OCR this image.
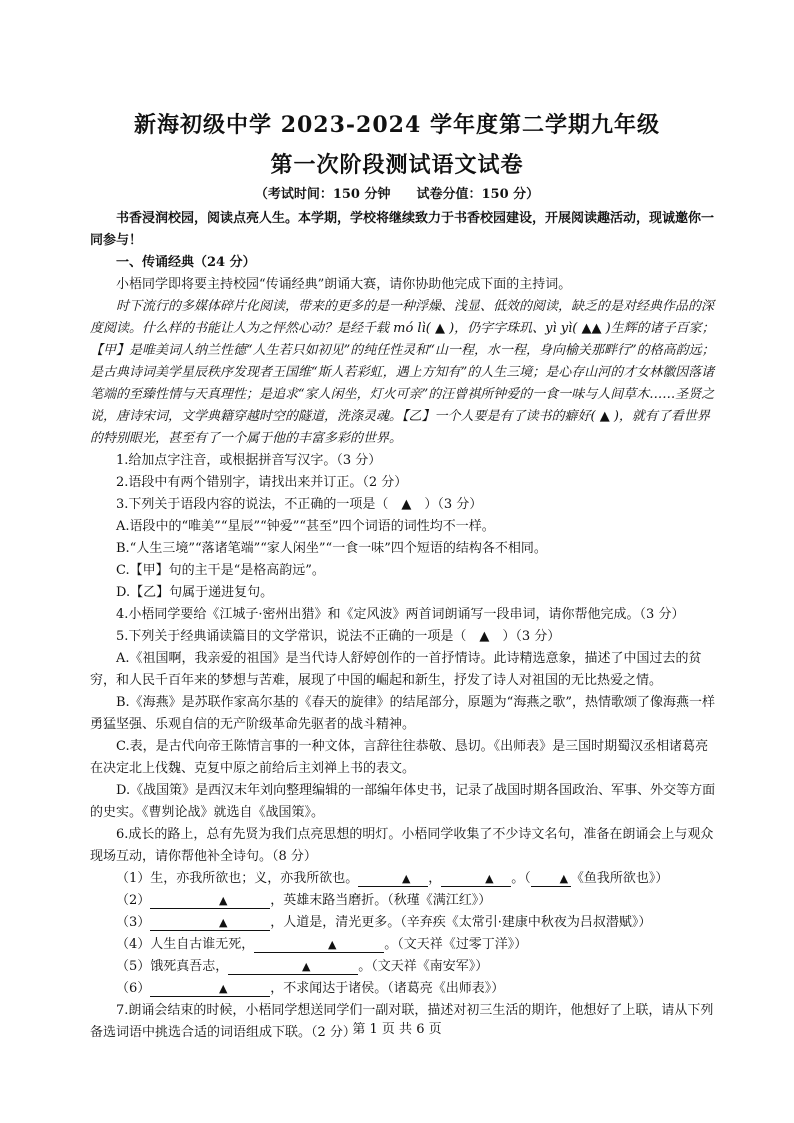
新海初级中学 2023-2024 学年度第二学期九年级
第一次阶段测试语文试卷
（考试时间：150 分钟　　试卷分值：150 分）

书香浸润校园，阅读点亮人生。本学期，学校将继续致力于书香校园建设，开展阅读趣活动，现诚邀你一同参与！

一、传诵经典（24 分）

小梧同学即将要主持校园“传诵经典”朗诵大赛，请你协助他完成下面的主持词。

时下流行的多媒体碎片化阅读，带来的更多的是一种浮燥、浅显、低效的阅读，缺乏的是对经典作品的深度阅读。什么样的书能让人为之怦然心动？是经千载 mó lì( ▲ )，仍字字珠玑、yì yì( ▲▲ )生辉的诸子百家；【甲】是唯美词人纳兰性德“人生若只如初见”的纯任性灵和“山一程，水一程，身向榆关那畔行”的格高韵远；是古典诗词美学星辰秩序发现者王国维“斯人若彩虹，遇上方知有”的人生三境；是心存山河的才女林徽因落诸笔端的至臻性情与天真理性；是追求“家人闲坐，灯火可亲”的汪曾祺所钟爱的一食一味与人间草木……圣贤之说，唐诗宋词，文学典籍穿越时空的隧道，洗涤灵魂。【乙】一个人要是有了读书的癖好( ▲ )，就有了看世界的特别眼光，甚至有了一个属于他的丰富多彩的世界。

1.给加点字注音，或根据拼音写汉字。（3 分）

2.语段中有两个错别字，请找出来并订正。（2 分）

3.下列关于语段内容的说法，不正确的一项是（　▲　）（3 分）

A.语段中的“唯美”“星辰”“钟爱”“甚至”四个词语的词性均不一样。

B.“人生三境”“落诸笔端”“家人闲坐”“一食一味”四个短语的结构各不相同。

C.【甲】句的主干是“是格高韵远”。

D.【乙】句属于递进复句。

4.小梧同学要给《江城子·密州出猎》和《定风波》两首词朗诵写一段串词，请你帮他完成。（3 分）

5.下列关于经典诵读篇目的文学常识，说法不正确的一项是（　▲　）（3 分）

A.《祖国啊，我亲爱的祖国》是当代诗人舒婷创作的一首抒情诗。此诗精选意象，描述了中国过去的贫穷，和人民千百年来的梦想与苦难，展现了中国的崛起和新生，抒发了诗人对祖国的无比热爱之情。

B.《海燕》是苏联作家高尔基的《春天的旋律》的结尾部分，原题为“海燕之歌”，热情歌颂了像海燕一样勇猛坚强、乐观自信的无产阶级革命先驱者的战斗精神。

C.表，是古代向帝王陈情言事的一种文体，言辞往往恭敬、恳切。《出师表》是三国时期蜀汉丞相诸葛亮在决定北上伐魏、克复中原之前给后主刘禅上书的表文。

D.《战国策》是西汉末年刘向整理编辑的一部编年体史书，记录了战国时期各国政治、军事、外交等方面的史实。《曹刿论战》就选自《战国策》。

6.成长的路上，总有先贤为我们点亮思想的明灯。小梧同学收集了不少诗文名句，准备在朗诵会上与观众现场互动，请你帮他补全诗句。（8 分）

（1）生，亦我所欲也；义，亦我所欲也。	▲ ，	▲ 。（	▲ 《鱼我所欲也》）

（2）	▲	，英雄末路当磨折。（秋瑾《满江红》）

（3）	▲	，人道是，清光更多。（辛弃疾《太常引·建康中秋夜为吕叔潜赋》）

（4）人生自古谁无死，	▲	。（文天祥《过零丁洋》）

（5）饿死真吾志，	▲	。（文天祥《南安军》）

（6）	▲	，不求闻达于诸侯。（诸葛亮《出师表》）

7.朗诵会结束的时候，小梧同学想送同学们一副对联，描述对初三生活的期许，他想好了上联，请从下列备选词语中挑选合适的词语组成下联。（2 分）

第 1 页 共 6 页
